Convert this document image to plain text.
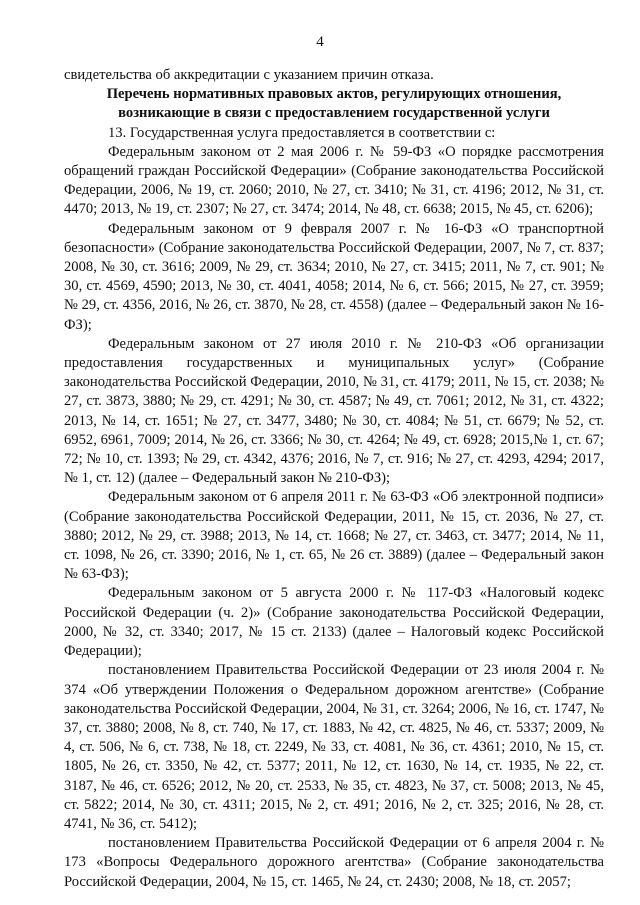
4

свидетельства об аккредитации с указанием причин отказа.

Перечень нормативных правовых актов, регулирующих отношения, возникающие в связи с предоставлением государственной услуги

13. Государственная услуга предоставляется в соответствии с:

Федеральным законом от 2 мая 2006 г. № 59-ФЗ «О порядке рассмотрения обращений граждан Российской Федерации» (Собрание законодательства Российской Федерации, 2006, № 19, ст. 2060; 2010, № 27, ст. 3410; № 31, ст. 4196; 2012, № 31, ст. 4470; 2013, № 19, ст. 2307; № 27, ст. 3474; 2014, № 48, ст. 6638; 2015, № 45, ст. 6206);

Федеральным законом от 9 февраля 2007 г. № 16-ФЗ «О транспортной безопасности» (Собрание законодательства Российской Федерации, 2007, № 7, ст. 837; 2008, № 30, ст. 3616; 2009, № 29, ст. 3634; 2010, № 27, ст. 3415; 2011, № 7, ст. 901; № 30, ст. 4569, 4590; 2013, № 30, ст. 4041, 4058; 2014, № 6, ст. 566; 2015, № 27, ст. 3959; № 29, ст. 4356, 2016, № 26, ст. 3870, № 28, ст. 4558) (далее – Федеральный закон № 16-ФЗ);

Федеральным законом от 27 июля 2010 г. № 210-ФЗ «Об организации предоставления государственных и муниципальных услуг» (Собрание законодательства Российской Федерации, 2010, № 31, ст. 4179; 2011, № 15, ст. 2038; № 27, ст. 3873, 3880; № 29, ст. 4291; № 30, ст. 4587; № 49, ст. 7061; 2012, № 31, ст. 4322; 2013, № 14, ст. 1651; № 27, ст. 3477, 3480; № 30, ст. 4084; № 51, ст. 6679; № 52, ст. 6952, 6961, 7009; 2014, № 26, ст. 3366; № 30, ст. 4264; № 49, ст. 6928; 2015,№ 1, ст. 67; 72; № 10, ст. 1393; № 29, ст. 4342, 4376; 2016, № 7, ст. 916; № 27, ст. 4293, 4294; 2017, № 1, ст. 12) (далее – Федеральный закон № 210-ФЗ);

Федеральным законом от 6 апреля 2011 г. № 63-ФЗ «Об электронной подписи» (Собрание законодательства Российской Федерации, 2011, № 15, ст. 2036, № 27, ст. 3880; 2012, № 29, ст. 3988; 2013, № 14, ст. 1668; № 27, ст. 3463, ст. 3477; 2014, № 11, ст. 1098, № 26, ст. 3390; 2016, № 1, ст. 65, № 26 ст. 3889) (далее – Федеральный закон № 63-ФЗ);

Федеральным законом от 5 августа 2000 г. № 117-ФЗ «Налоговый кодекс Российской Федерации (ч. 2)» (Собрание законодательства Российской Федерации, 2000, № 32, ст. 3340; 2017, № 15 ст. 2133) (далее – Налоговый кодекс Российской Федерации);

постановлением Правительства Российской Федерации от 23 июля 2004 г. № 374 «Об утверждении Положения о Федеральном дорожном агентстве» (Собрание законодательства Российской Федерации, 2004, № 31, ст. 3264; 2006, № 16, ст. 1747, № 37, ст. 3880; 2008, № 8, ст. 740, № 17, ст. 1883, № 42, ст. 4825, № 46, ст. 5337; 2009, № 4, ст. 506, № 6, ст. 738, № 18, ст. 2249, № 33, ст. 4081, № 36, ст. 4361; 2010, № 15, ст. 1805, № 26, ст. 3350, № 42, ст. 5377; 2011, № 12, ст. 1630, № 14, ст. 1935, № 22, ст. 3187, № 46, ст. 6526; 2012, № 20, ст. 2533, № 35, ст. 4823, № 37, ст. 5008; 2013, № 45, ст. 5822; 2014, № 30, ст. 4311; 2015, № 2, ст. 491; 2016, № 2, ст. 325; 2016, № 28, ст. 4741, № 36, ст. 5412);

постановлением Правительства Российской Федерации от 6 апреля 2004 г. № 173 «Вопросы Федерального дорожного агентства» (Собрание законодательства Российской Федерации, 2004, № 15, ст. 1465, № 24, ст. 2430; 2008, № 18, ст. 2057;
